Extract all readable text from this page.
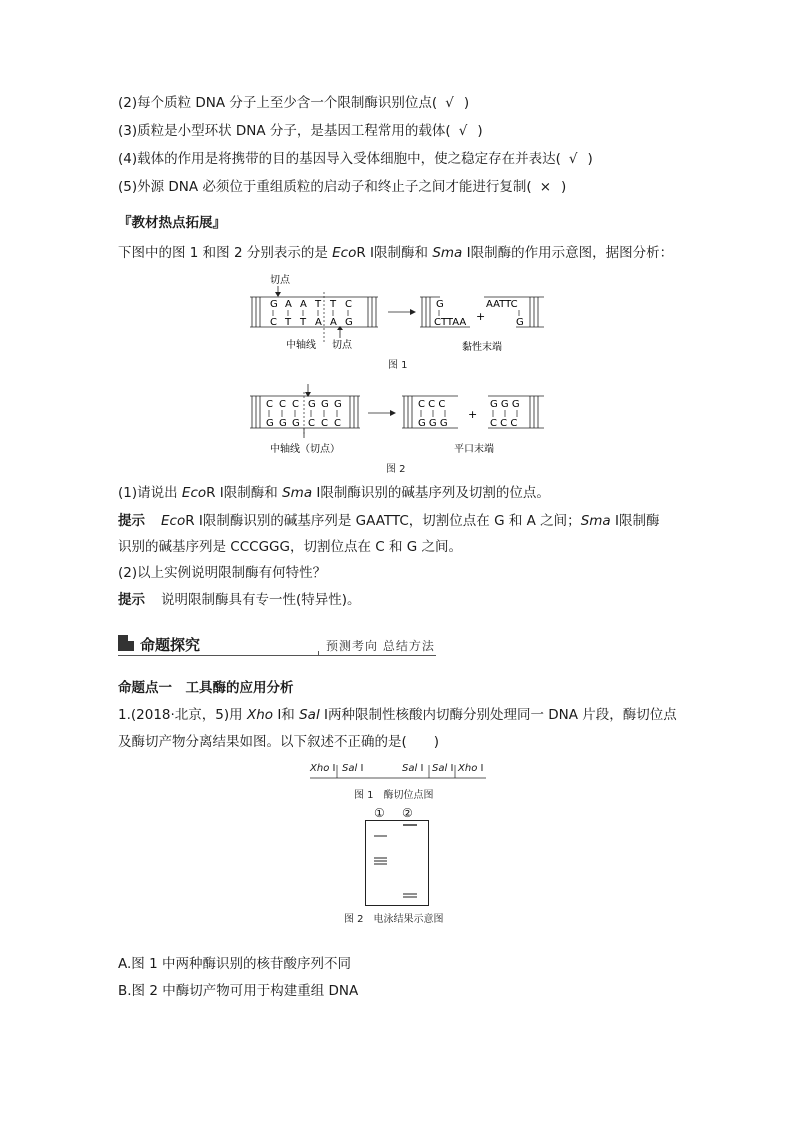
(2)每个质粒 DNA 分子上至少含一个限制酶识别位点( √ )
(3)质粒是小型环状 DNA 分子，是基因工程常用的载体( √ )
(4)载体的作用是将携带的目的基因导入受体细胞中，使之稳定存在并表达( √ )
(5)外源 DNA 必须位于重组质粒的启动子和终止子之间才能进行复制( × )
『教材热点拓展』
下图中的图 1 和图 2 分别表示的是 EcoR Ⅰ限制酶和 Sma Ⅰ限制酶的作用示意图，据图分析：
切点
G A A T T C
C T T A A G
中轴线 切点
G
CTTAA +
AATTC
G
黏性末端
图 1
C C C G G G
G G G C C C
中轴线（切点）
C C C
G G G
+
G G G
C C C
平口末端
图 2
(1)请说出 EcoR Ⅰ限制酶和 Sma Ⅰ限制酶识别的碱基序列及切割的位点。
提示 EcoR Ⅰ限制酶识别的碱基序列是 GAATTC，切割位点在 G 和 A 之间；Sma Ⅰ限制酶
识别的碱基序列是 CCCGGG，切割位点在 C 和 G 之间。
(2)以上实例说明限制酶有何特性？
提示 说明限制酶具有专一性(特异性)。
命题探究	预测考向 总结方法
命题点一　工具酶的应用分析
1.(2018·北京，5)用 Xho Ⅰ和 Sal Ⅰ两种限制性核酸内切酶分别处理同一 DNA 片段，酶切位点
及酶切产物分离结果如图。以下叙述不正确的是(　　)
Xho Ⅰ Sal Ⅰ	Sal Ⅰ Sal Ⅰ Xho Ⅰ
图 1　酶切位点图
① ②
图 2　电泳结果示意图
A.图 1 中两种酶识别的核苷酸序列不同
B.图 2 中酶切产物可用于构建重组 DNA
